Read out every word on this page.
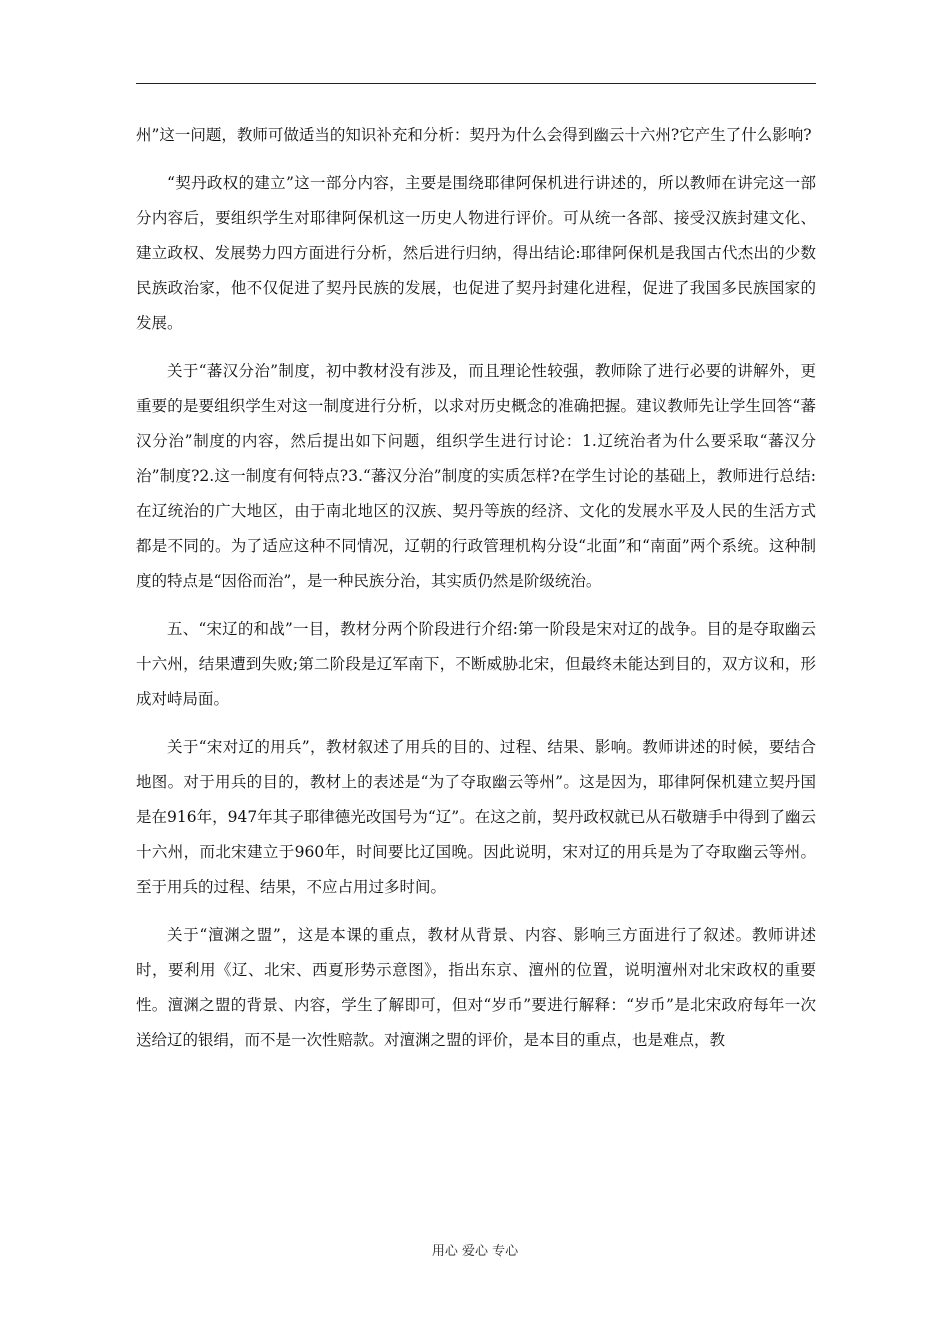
州”这一问题，教师可做适当的知识补充和分析：契丹为什么会得到幽云十六州?它产生了什么影响?

“契丹政权的建立”这一部分内容，主要是围绕耶律阿保机进行讲述的，所以教师在讲完这一部分内容后，要组织学生对耶律阿保机这一历史人物进行评价。可从统一各部、接受汉族封建文化、建立政权、发展势力四方面进行分析，然后进行归纳，得出结论:耶律阿保机是我国古代杰出的少数民族政治家，他不仅促进了契丹民族的发展，也促进了契丹封建化进程，促进了我国多民族国家的发展。

关于“蕃汉分治”制度，初中教材没有涉及，而且理论性较强，教师除了进行必要的讲解外，更重要的是要组织学生对这一制度进行分析，以求对历史概念的准确把握。建议教师先让学生回答“蕃汉分治”制度的内容，然后提出如下问题，组织学生进行讨论：1.辽统治者为什么要采取“蕃汉分治”制度?2.这一制度有何特点?3.“蕃汉分治”制度的实质怎样?在学生讨论的基础上，教师进行总结:在辽统治的广大地区，由于南北地区的汉族、契丹等族的经济、文化的发展水平及人民的生活方式都是不同的。为了适应这种不同情况，辽朝的行政管理机构分设“北面”和“南面”两个系统。这种制度的特点是“因俗而治”，是一种民族分治，其实质仍然是阶级统治。

五、“宋辽的和战”一目，教材分两个阶段进行介绍:第一阶段是宋对辽的战争。目的是夺取幽云十六州，结果遭到失败;第二阶段是辽军南下，不断威胁北宋，但最终未能达到目的，双方议和，形成对峙局面。

关于“宋对辽的用兵”，教材叙述了用兵的目的、过程、结果、影响。教师讲述的时候，要结合地图。对于用兵的目的，教材上的表述是“为了夺取幽云等州”。这是因为，耶律阿保机建立契丹国是在916年，947年其子耶律德光改国号为“辽”。在这之前，契丹政权就已从石敬瑭手中得到了幽云十六州，而北宋建立于960年，时间要比辽国晚。因此说明，宋对辽的用兵是为了夺取幽云等州。至于用兵的过程、结果，不应占用过多时间。

关于“澶渊之盟”，这是本课的重点，教材从背景、内容、影响三方面进行了叙述。教师讲述时，要利用《辽、北宋、西夏形势示意图》，指出东京、澶州的位置，说明澶州对北宋政权的重要性。澶渊之盟的背景、内容，学生了解即可，但对“岁币”要进行解释：“岁币”是北宋政府每年一次送给辽的银绢，而不是一次性赔款。对澶渊之盟的评价，是本目的重点，也是难点，教

用心 爱心 专心
